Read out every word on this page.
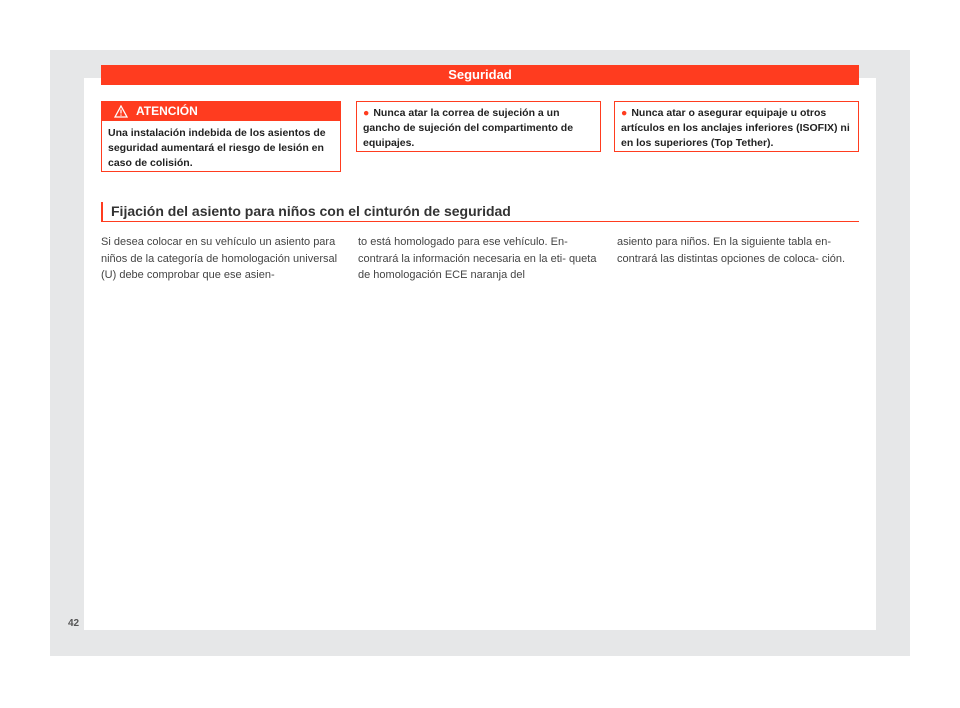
Seguridad
ATENCIÓN
Una instalación indebida de los asientos de seguridad aumentará el riesgo de lesión en caso de colisión.
● Nunca atar la correa de sujeción a un gancho de sujeción del compartimento de equipajes.
● Nunca atar o asegurar equipaje u otros artículos en los anclajes inferiores (ISOFIX) ni en los superiores (Top Tether).
Fijación del asiento para niños con el cinturón de seguridad
Si desea colocar en su vehículo un asiento para niños de la categoría de homologación universal (U) debe comprobar que ese asien-
to está homologado para ese vehículo. En- contrará la información necesaria en la eti- queta de homologación ECE naranja del
asiento para niños. En la siguiente tabla en- contrará las distintas opciones de coloca- ción.
42
